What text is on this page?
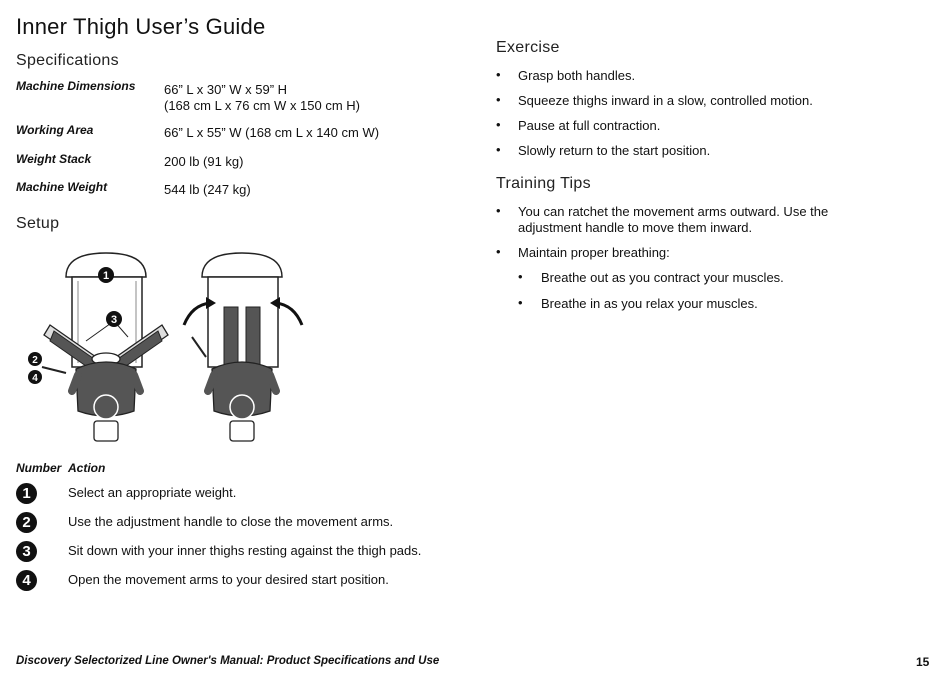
Inner Thigh User’s Guide
Specifications
Machine Dimensions 66” L x 30” W x 59” H
(168 cm L x 76 cm W x 150 cm H)
Working Area	66” L x 55” W (168 cm L x 140 cm W)
Weight Stack	200 lb (91 kg)
Machine Weight	544 lb (247 kg)
Setup
1
3
2
4
Number Action
1	Select an appropriate weight.
2	Use the adjustment handle to close the movement arms.
3	Sit down with your inner thighs resting against the thigh pads.
4	Open the movement arms to your desired start position.
Exercise
• Grasp both handles.
• Squeeze thighs inward in a slow, controlled motion.
• Pause at full contraction.
• Slowly return to the start position.
Training Tips
• You can ratchet the movement arms outward. Use the
adjustment handle to move them inward.
• Maintain proper breathing:
• Breathe out as you contract your muscles.
• Breathe in as you relax your muscles.
Discovery Selectorized Line Owner's Manual: Product Specifications and Use	15
